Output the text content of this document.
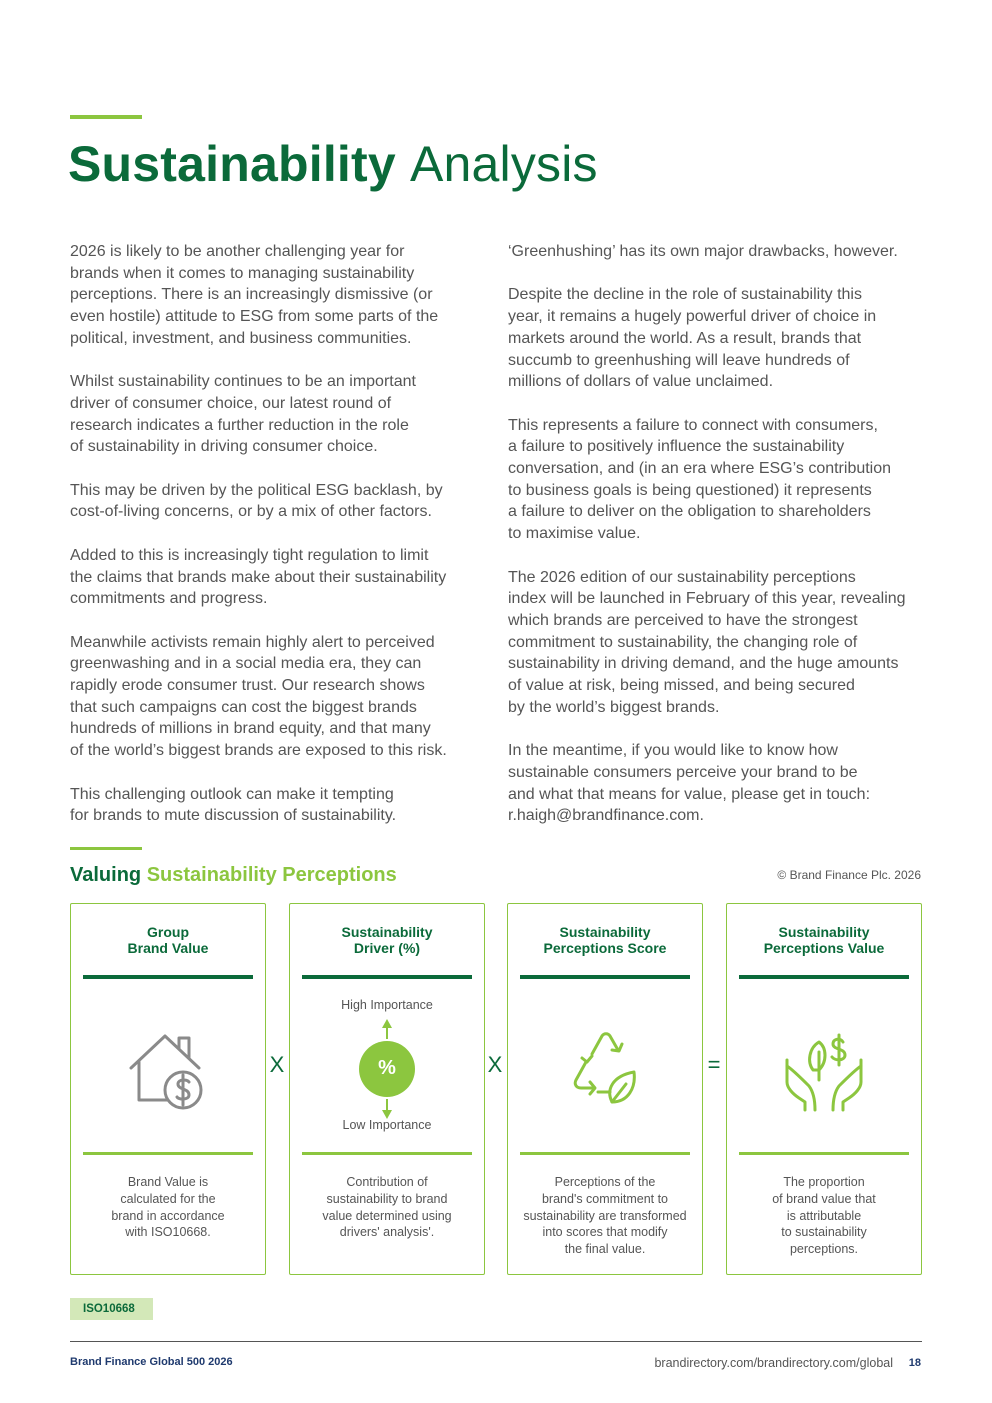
Sustainability Analysis

2026 is likely to be another challenging year for
brands when it comes to managing sustainability
perceptions. There is an increasingly dismissive (or
even hostile) attitude to ESG from some parts of the
political, investment, and business communities.

Whilst sustainability continues to be an important
driver of consumer choice, our latest round of
research indicates a further reduction in the role
of sustainability in driving consumer choice.

This may be driven by the political ESG backlash, by
cost-of-living concerns, or by a mix of other factors.

Added to this is increasingly tight regulation to limit
the claims that brands make about their sustainability
commitments and progress.

Meanwhile activists remain highly alert to perceived
greenwashing and in a social media era, they can
rapidly erode consumer trust. Our research shows
that such campaigns can cost the biggest brands
hundreds of millions in brand equity, and that many
of the world’s biggest brands are exposed to this risk.

This challenging outlook can make it tempting
for brands to mute discussion of sustainability.

‘Greenhushing’ has its own major drawbacks, however.

Despite the decline in the role of sustainability this
year, it remains a hugely powerful driver of choice in
markets around the world. As a result, brands that
succumb to greenhushing will leave hundreds of
millions of dollars of value unclaimed.

This represents a failure to connect with consumers,
a failure to positively influence the sustainability
conversation, and (in an era where ESG’s contribution
to business goals is being questioned) it represents
a failure to deliver on the obligation to shareholders
to maximise value.

The 2026 edition of our sustainability perceptions
index will be launched in February of this year, revealing
which brands are perceived to have the strongest
commitment to sustainability, the changing role of
sustainability in driving demand, and the huge amounts
of value at risk, being missed, and being secured
by the world’s biggest brands.

In the meantime, if you would like to know how
sustainable consumers perceive your brand to be
and what that means for value, please get in touch:
r.haigh@brandfinance.com.

Valuing Sustainability Perceptions	© Brand Finance Plc. 2026
Group
Brand Value
Brand Value is
calculated for the
brand in accordance
with ISO10668.
X
Sustainability
Driver (%)
High Importance
%
Low Importance
Contribution of
sustainability to brand
value determined using
drivers' analysis'.
X
Sustainability
Perceptions Score
Perceptions of the
brand's commitment to
sustainability are transformed
into scores that modify
the final value.
=
Sustainability
Perceptions Value
The proportion
of brand value that
is attributable
to sustainability
perceptions.
ISO10668
Brand Finance Global 500 2026	brandirectory.com/brandirectory.com/global 18
